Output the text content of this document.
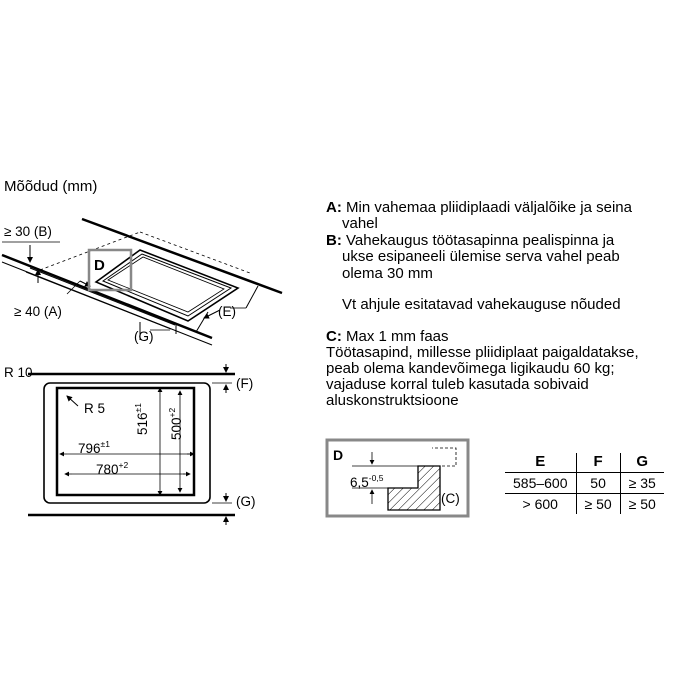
Mõõdud (mm)
≥ 30 (B)
≥ 40 (A)
D
(E)
(G)
R 10
R 5
$516^{\pm 1}$
$500^{+2}$
$796^{\pm 1}$
$780^{+2}$
(F)
(G)
D
$6,5^{-0,5}$
(C)
A: Min vahemaa pliidiplaadi väljalõike ja seina
vahel
B: Vahekaugus töötasapinna pealispinna ja
ukse esipaneeli ülemise serva vahel peab
olema 30 mm
Vt ahjule esitatavad vahekauguse nõuded
C: Max 1 mm faas
Töötasapind, millesse pliidiplaat paigaldatakse,
peab olema kandevõimega ligikaudu 60 kg;
vajaduse korral tuleb kasutada sobivaid
aluskonstruktsioone
E	F	G
585–600	50	≥ 35
> 600	≥ 50	≥ 50
